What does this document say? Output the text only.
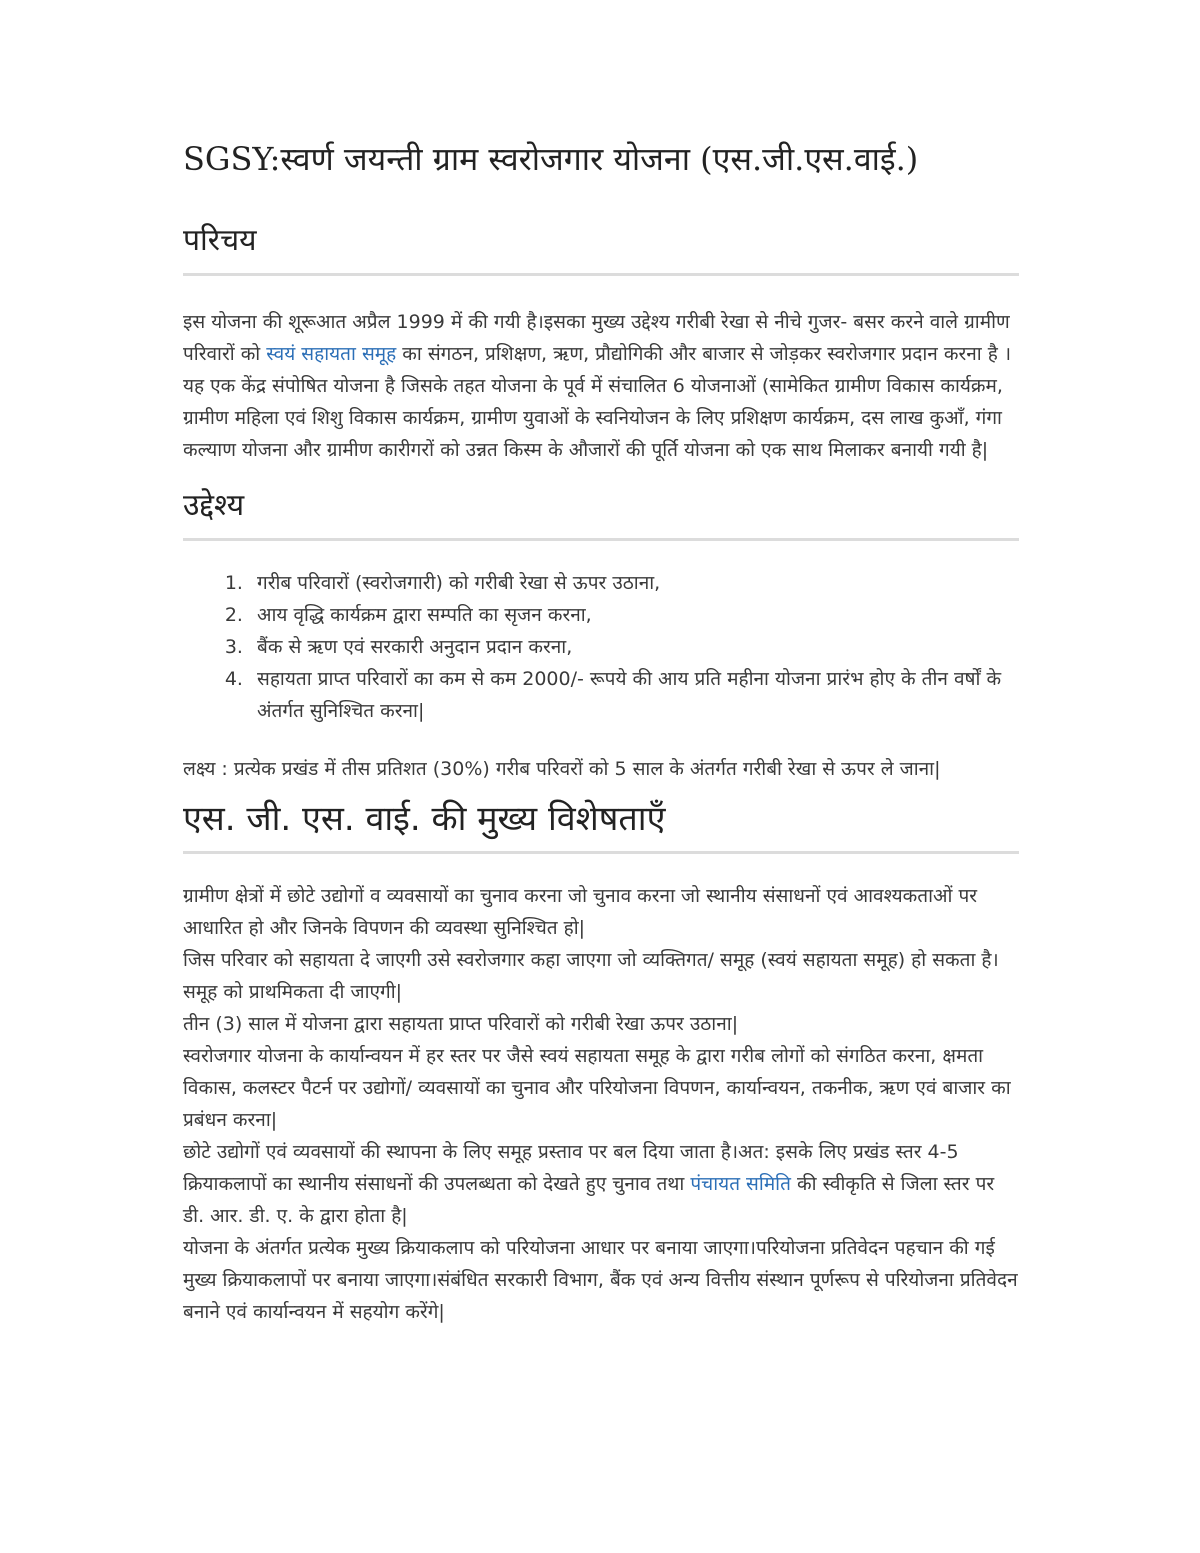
SGSY:स्वर्ण जयन्ती ग्राम स्वरोजगार योजना (एस.जी.एस.वाई.)
परिचय

इस योजना की शूरूआत अप्रैल 1999 में की गयी है।इसका मुख्य उद्देश्य गरीबी रेखा से नीचे गुजर- बसर करने वाले ग्रामीण परिवारों को स्वयं सहायता समूह का संगठन, प्रशिक्षण, ऋण, प्रौद्योगिकी और बाजार से जोड़कर स्वरोजगार प्रदान करना है ।यह एक केंद्र संपोषित योजना है जिसके तहत योजना के पूर्व में संचालित 6 योजनाओं (सामेकित ग्रामीण विकास कार्यक्रम, ग्रामीण महिला एवं शिशु विकास कार्यक्रम, ग्रामीण युवाओं के स्वनियोजन के लिए प्रशिक्षण कार्यक्रम, दस लाख कुआँ, गंगा कल्याण योजना और ग्रामीण कारीगरों को उन्नत किस्म के औजारों की पूर्ति योजना को एक साथ मिलाकर बनायी गयी है|

उद्देश्य
1. गरीब परिवारों (स्वरोजगारी) को गरीबी रेखा से ऊपर उठाना,
2. आय वृद्धि कार्यक्रम द्वारा सम्पति का सृजन करना,
3. बैंक से ऋण एवं सरकारी अनुदान प्रदान करना,
4. सहायता प्राप्त परिवारों का कम से कम 2000/- रूपये की आय प्रति महीना योजना प्रारंभ होए के तीन वर्षों के अंतर्गत सुनिश्चित करना|

लक्ष्य : प्रत्येक प्रखंड में तीस प्रतिशत (30%) गरीब परिवरों को 5 साल के अंतर्गत गरीबी रेखा से ऊपर ले जाना|

एस. जी. एस. वाई. की मुख्य विशेषताएँ

ग्रामीण क्षेत्रों में छोटे उद्योगों व व्यवसायों का चुनाव करना जो चुनाव करना जो स्थानीय संसाधनों एवं आवश्यकताओं पर आधारित हो और जिनके विपणन की व्यवस्था सुनिश्चित हो|

जिस परिवार को सहायता दे जाएगी उसे स्वरोजगार कहा जाएगा जो व्यक्तिगत/ समूह (स्वयं सहायता समूह) हो सकता है।समूह को प्राथमिकता दी जाएगी|

तीन (3) साल में योजना द्वारा सहायता प्राप्त परिवारों को गरीबी रेखा ऊपर उठाना|

स्वरोजगार योजना के कार्यान्वयन में हर स्तर पर जैसे स्वयं सहायता समूह के द्वारा गरीब लोगों को संगठित करना, क्षमता विकास, कलस्टर पैटर्न पर उद्योगों/ व्यवसायों का चुनाव और परियोजना विपणन, कार्यान्वयन, तकनीक, ऋण एवं बाजार का प्रबंधन करना|

छोटे उद्योगों एवं व्यवसायों की स्थापना के लिए समूह प्रस्ताव पर बल दिया जाता है।अत: इसके लिए प्रखंड स्तर 4-5 क्रियाकलापों का स्थानीय संसाधनों की उपलब्धता को देखते हुए चुनाव तथा पंचायत समिति की स्वीकृति से जिला स्तर पर डी. आर. डी. ए. के द्वारा होता है|

योजना के अंतर्गत प्रत्येक मुख्य क्रियाकलाप को परियोजना आधार पर बनाया जाएगा।परियोजना प्रतिवेदन पहचान की गई मुख्य क्रियाकलापों पर बनाया जाएगा।संबंधित सरकारी विभाग, बैंक एवं अन्य वित्तीय संस्थान पूर्णरूप से परियोजना प्रतिवेदन बनाने एवं कार्यान्वयन में सहयोग करेंगे|
